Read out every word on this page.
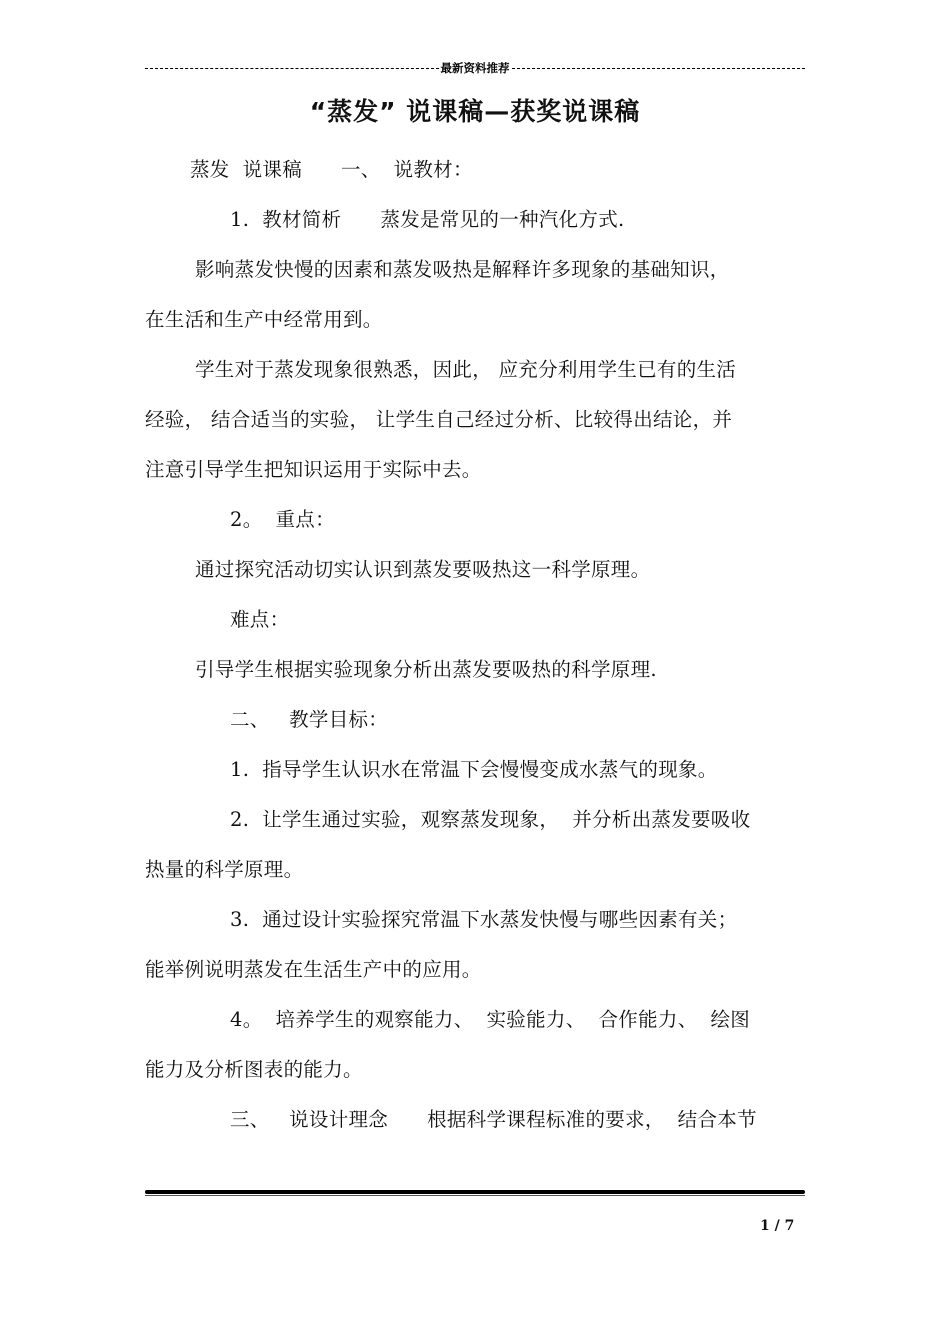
最新资料推荐
“蒸发” 说课稿—获奖说课稿
蒸发  说课稿      一、  说教材：
1.  教材简析      蒸发是常见的一种汽化方式.
影响蒸发快慢的因素和蒸发吸热是解释许多现象的基础知识，
在生活和生产中经常用到。
学生对于蒸发现象很熟悉，因此， 应充分利用学生已有的生活
经验， 结合适当的实验， 让学生自己经过分析、比较得出结论，并
注意引导学生把知识运用于实际中去。
2。  重点：
通过探究活动切实认识到蒸发要吸热这一科学原理。
难点：
引导学生根据实验现象分析出蒸发要吸热的科学原理.
二、   教学目标：
1.  指导学生认识水在常温下会慢慢变成水蒸气的现象。
2.  让学生通过实验，观察蒸发现象，  并分析出蒸发要吸收
热量的科学原理。
3.  通过设计实验探究常温下水蒸发快慢与哪些因素有关；
能举例说明蒸发在生活生产中的应用。
4。  培养学生的观察能力、  实验能力、  合作能力、  绘图
能力及分析图表的能力。
三、   说设计理念      根据科学课程标准的要求，  结合本节
1 / 7
